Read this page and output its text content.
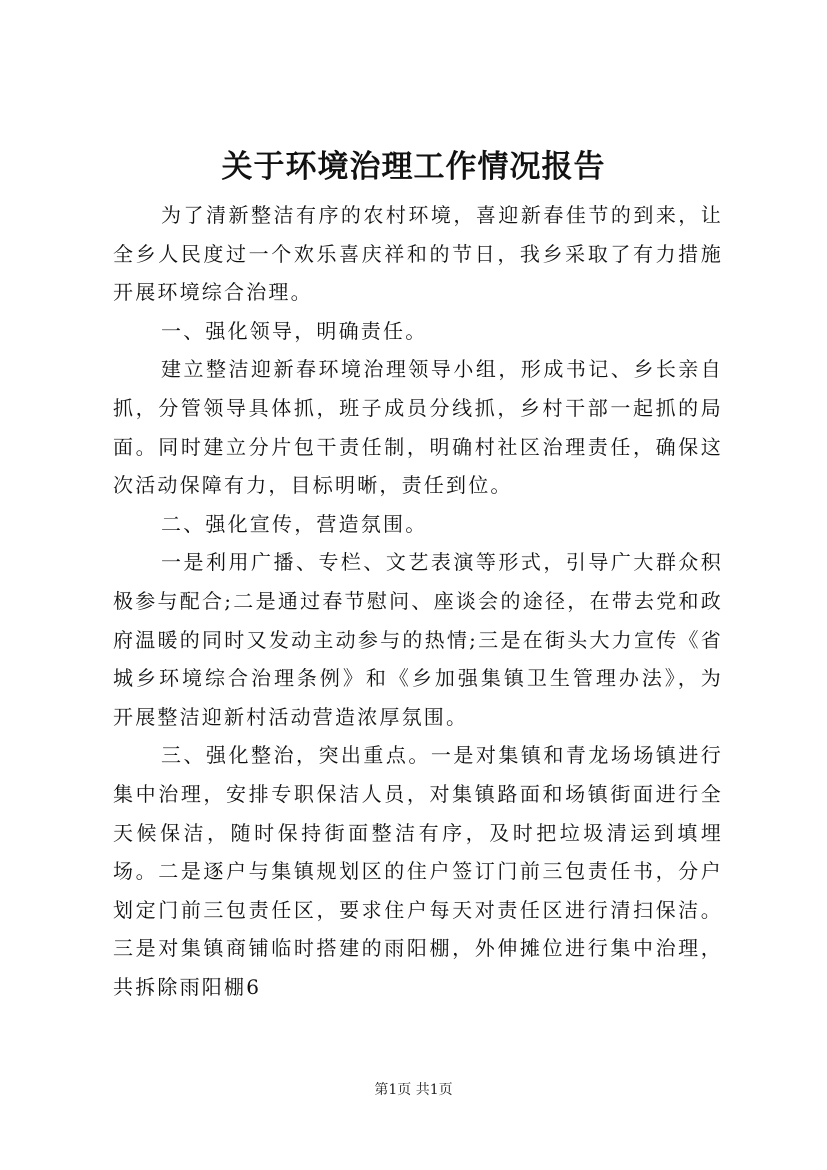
关于环境治理工作情况报告

为了清新整洁有序的农村环境，喜迎新春佳节的到来，让全乡人民度过一个欢乐喜庆祥和的节日，我乡采取了有力措施开展环境综合治理。

一、强化领导，明确责任。

建立整洁迎新春环境治理领导小组，形成书记、乡长亲自抓，分管领导具体抓，班子成员分线抓，乡村干部一起抓的局面。同时建立分片包干责任制，明确村社区治理责任，确保这次活动保障有力，目标明晰，责任到位。

二、强化宣传，营造氛围。

一是利用广播、专栏、文艺表演等形式，引导广大群众积极参与配合;二是通过春节慰问、座谈会的途径，在带去党和政府温暖的同时又发动主动参与的热情;三是在街头大力宣传《省城乡环境综合治理条例》和《乡加强集镇卫生管理办法》，为开展整洁迎新村活动营造浓厚氛围。

三、强化整治，突出重点。一是对集镇和青龙场场镇进行集中治理，安排专职保洁人员，对集镇路面和场镇街面进行全天候保洁，随时保持街面整洁有序，及时把垃圾清运到填埋场。二是逐户与集镇规划区的住户签订门前三包责任书，分户划定门前三包责任区，要求住户每天对责任区进行清扫保洁。三是对集镇商铺临时搭建的雨阳棚，外伸摊位进行集中治理，共拆除雨阳棚6

第1页 共1页
